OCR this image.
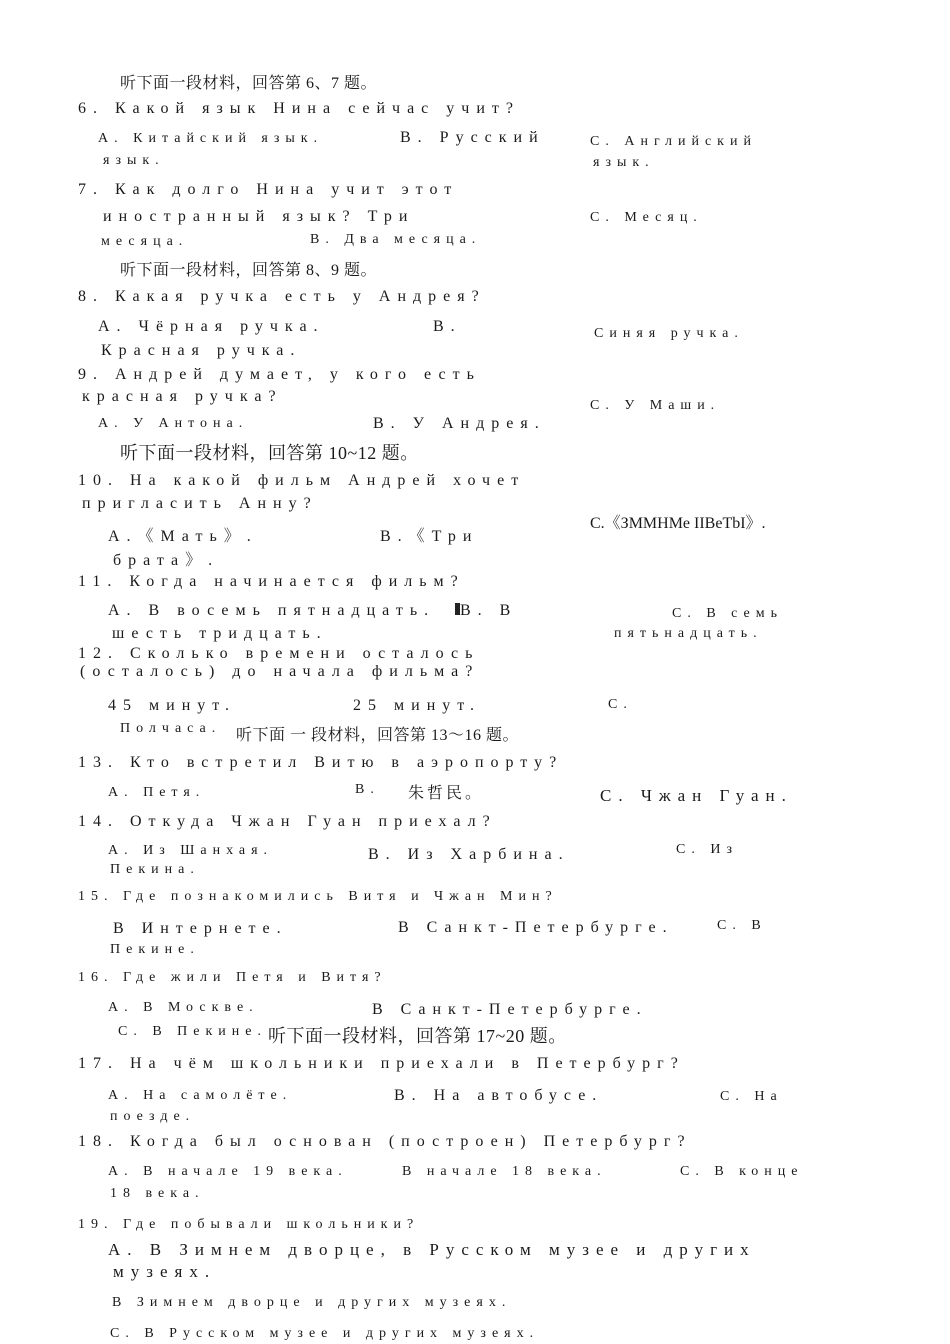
听下面一段材料，回答第 6、7 题。
6. Какой язык Нина сейчас учит?
A. Китайский язык.	B. Русский	C. Английский
язык.	язык.
7. Как долго Нина учит этот
иностранный язык? Три	C. Месяц.
месяца.	B. Два месяца.
听下面一段材料，回答第 8、9 题。
8. Какая ручка есть у Андрея?
A. Чёрная ручка.	B.	Синяя ручка.
Красная ручка.
9. Андрей думает, у кого есть
красная ручка?
C. У Маши.
A. У Антона.	B. У Андрея.
听下面一段材料，回答第 10~12 题。
10. На какой фильм Андрей хочет
пригласить Анну?
C.《ЗMMHMe IIBeTbI》.
A.《Мать》.	B.《Три
брата》.
11. Когда начинается фильм?
A. В восемь пятнадцать. B. В	C. В семь
шесть тридцать.	пятьнадцать.
12. Сколько времени осталось
(осталось) до начала фильма?
45 минут.	25 минут.	C.
Полчаса. 听下面 一 段材料，回答第 13～16 题。
13. Кто встретил Витю в аэропорту?
A. Петя.	B. 朱哲民。	C. Чжан Гуан.
14. Откуда Чжан Гуан приехал?
A. Из Шанхая.	B. Из Харбина.	C. Из
Пекина.
15. Где познакомились Витя и Чжан Мин?
B Интернете.	B Санкт-Петербурге.	C. B
Пекине.
16. Где жили Петя и Витя?
A. В Москве.	B Санкт-Петербурге.
C. В Пекине. 听下面一段材料，回答第 17~20 题。
17. На чём школьники приехали в Петербург?
A. На самолёте.	B. На автобусе.	C. На
поезде.
18. Когда был основан (построен) Петербург?
A. В начале 19 века.	В начале 18 века.	C. В конце
18 века.
19. Где побывали школьники?
A. В Зимнем дворце, в Русском музее и других
музеях.
В Зимнем дворце и других музеях.
C. В Русском музее и других музеях.
